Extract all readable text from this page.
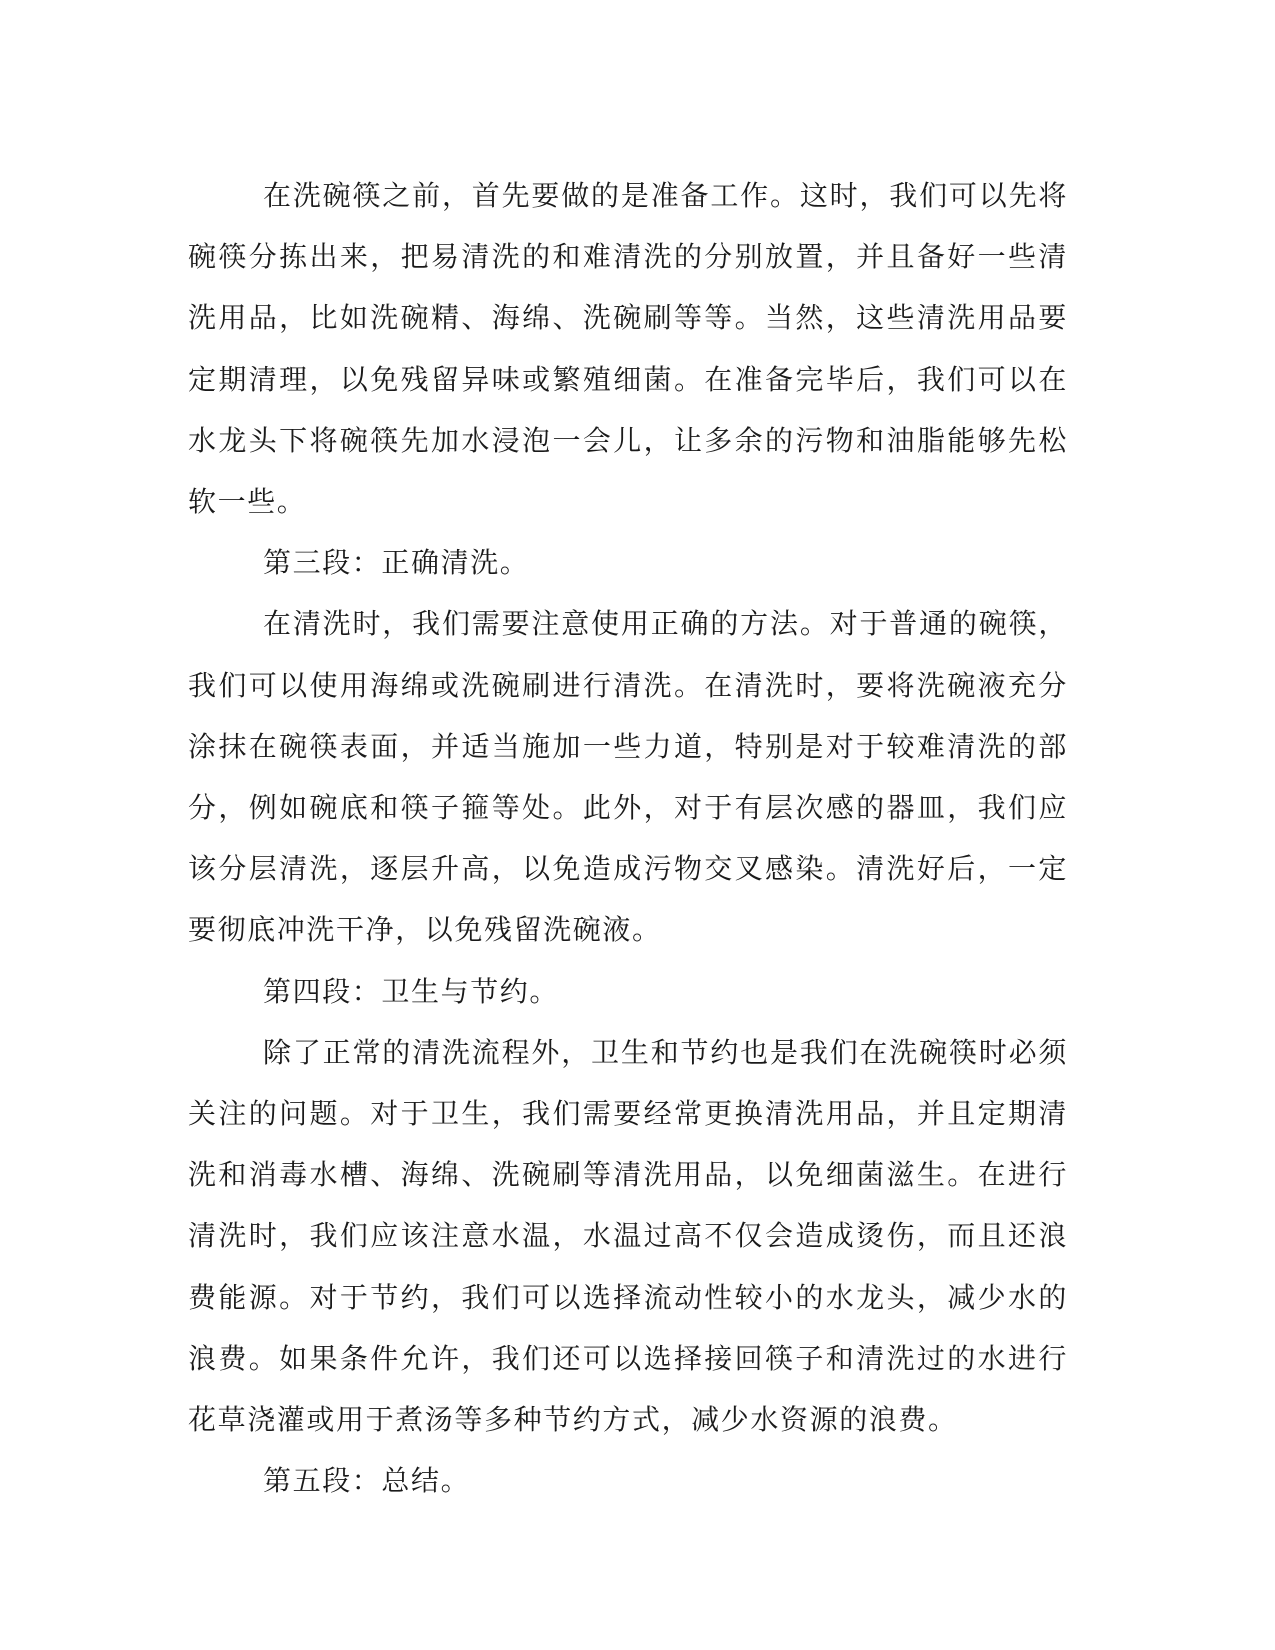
在洗碗筷之前，首先要做的是准备工作。这时，我们可以先将碗筷分拣出来，把易清洗的和难清洗的分别放置，并且备好一些清洗用品，比如洗碗精、海绵、洗碗刷等等。当然，这些清洗用品要定期清理，以免残留异味或繁殖细菌。在准备完毕后，我们可以在水龙头下将碗筷先加水浸泡一会儿，让多余的污物和油脂能够先松软一些。

第三段：正确清洗。

在清洗时，我们需要注意使用正确的方法。对于普通的碗筷，我们可以使用海绵或洗碗刷进行清洗。在清洗时，要将洗碗液充分涂抹在碗筷表面，并适当施加一些力道，特别是对于较难清洗的部分，例如碗底和筷子箍等处。此外，对于有层次感的器皿，我们应该分层清洗，逐层升高，以免造成污物交叉感染。清洗好后，一定要彻底冲洗干净，以免残留洗碗液。

第四段：卫生与节约。

除了正常的清洗流程外，卫生和节约也是我们在洗碗筷时必须关注的问题。对于卫生，我们需要经常更换清洗用品，并且定期清洗和消毒水槽、海绵、洗碗刷等清洗用品，以免细菌滋生。在进行清洗时，我们应该注意水温，水温过高不仅会造成烫伤，而且还浪费能源。对于节约，我们可以选择流动性较小的水龙头，减少水的浪费。如果条件允许，我们还可以选择接回筷子和清洗过的水进行花草浇灌或用于煮汤等多种节约方式，减少水资源的浪费。

第五段：总结。
